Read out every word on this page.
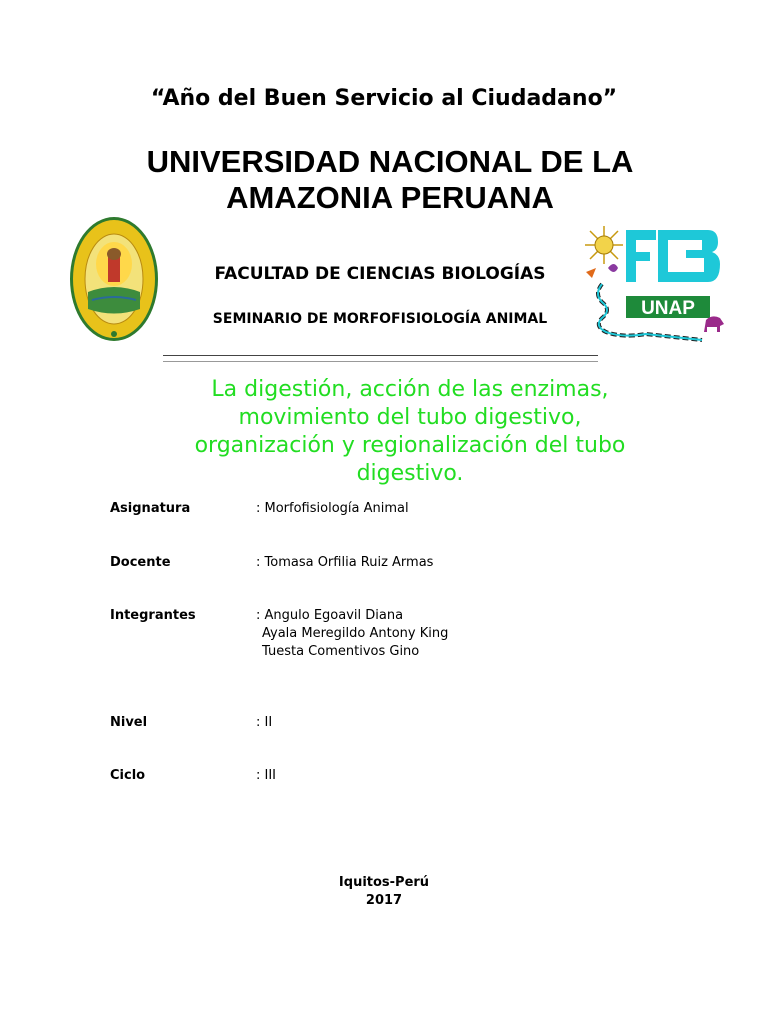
“Año del Buen Servicio al Ciudadano”
UNIVERSIDAD NACIONAL DE LA
AMAZONIA PERUANA
UNAP
FACULTAD DE CIENCIAS BIOLOGÍAS
SEMINARIO DE MORFOFISIOLOGÍA ANIMAL
La digestión, acción de las enzimas,
movimiento del tubo digestivo,
organización y regionalización del tubo
digestivo.
Asignatura	: Morfofisiología Animal
Docente	: Tomasa Orfilia Ruiz Armas
Integrantes	: Angulo Egoavil Diana
Ayala Meregildo Antony King
Tuesta Comentivos Gino
Nivel	: II
Ciclo	: III
Iquitos-Perú
2017
